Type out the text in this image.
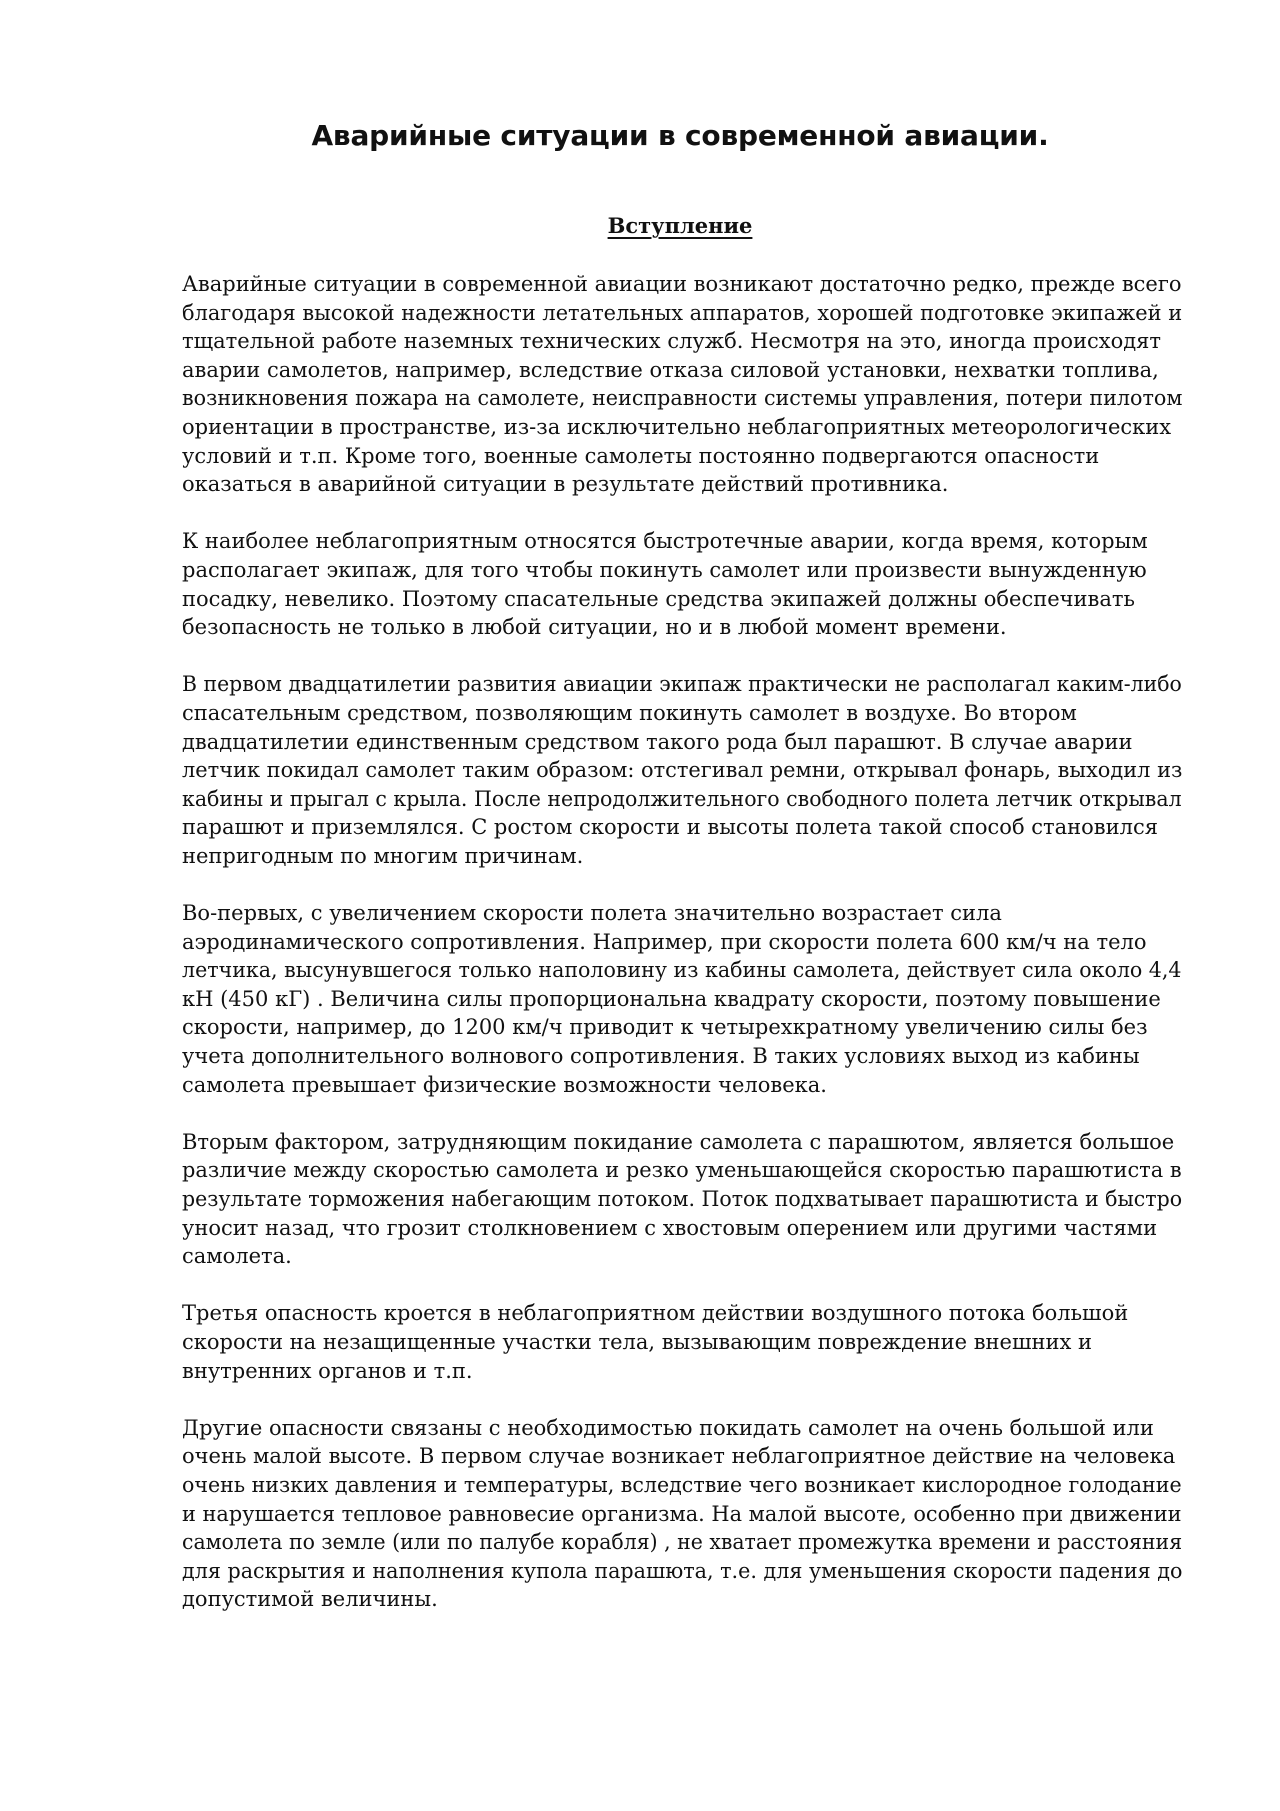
Аварийные ситуации в современной авиации.
Вступление

Аварийные ситуации в современной авиации возникают достаточно редко, прежде всего
благодаря высокой надежности летательных аппаратов, хорошей подготовке экипажей и
тщательной работе наземных технических служб. Несмотря на это, иногда происходят
аварии самолетов, например, вследствие отказа силовой установки, нехватки топлива,
возникновения пожара на самолете, неисправности системы управления, потери пилотом
ориентации в пространстве, из-за исключительно неблагоприятных метеорологических
условий и т.п. Кроме того, военные самолеты постоянно подвергаются опасности
оказаться в аварийной ситуации в результате действий противника.

К наиболее неблагоприятным относятся быстротечные аварии, когда время, которым
располагает экипаж, для того чтобы покинуть самолет или произвести вынужденную
посадку, невелико. Поэтому спасательные средства экипажей должны обеспечивать
безопасность не только в любой ситуации, но и в любой момент времени.

В первом двадцатилетии развития авиации экипаж практически не располагал каким-либо
спасательным средством, позволяющим покинуть самолет в воздухе. Во втором
двадцатилетии единственным средством такого рода был парашют. В случае аварии
летчик покидал самолет таким образом: отстегивал ремни, открывал фонарь, выходил из
кабины и прыгал с крыла. После непродолжительного свободного полета летчик открывал
парашют и приземлялся. С ростом скорости и высоты полета такой способ становился
непригодным по многим причинам.

Во-первых, с увеличением скорости полета значительно возрастает сила
аэродинамического сопротивления. Например, при скорости полета 600 км/ч на тело
летчика, высунувшегося только наполовину из кабины самолета, действует сила около 4,4
кН (450 кГ) . Величина силы пропорциональна квадрату скорости, поэтому повышение
скорости, например, до 1200 км/ч приводит к четырехкратному увеличению силы без
учета дополнительного волнового сопротивления. В таких условиях выход из кабины
самолета превышает физические возможности человека.

Вторым фактором, затрудняющим покидание самолета с парашютом, является большое
различие между скоростью самолета и резко уменьшающейся скоростью парашютиста в
результате торможения набегающим потоком. Поток подхватывает парашютиста и быстро
уносит назад, что грозит столкновением с хвостовым оперением или другими частями
самолета.

Третья опасность кроется в неблагоприятном действии воздушного потока большой
скорости на незащищенные участки тела, вызывающим повреждение внешних и
внутренних органов и т.п.

Другие опасности связаны с необходимостью покидать самолет на очень большой или
очень малой высоте. В первом случае возникает неблагоприятное действие на человека
очень низких давления и температуры, вследствие чего возникает кислородное голодание
и нарушается тепловое равновесие организма. На малой высоте, особенно при движении
самолета по земле (или по палубе корабля) , не хватает промежутка времени и расстояния
для раскрытия и наполнения купола парашюта, т.е. для уменьшения скорости падения до
допустимой величины.
